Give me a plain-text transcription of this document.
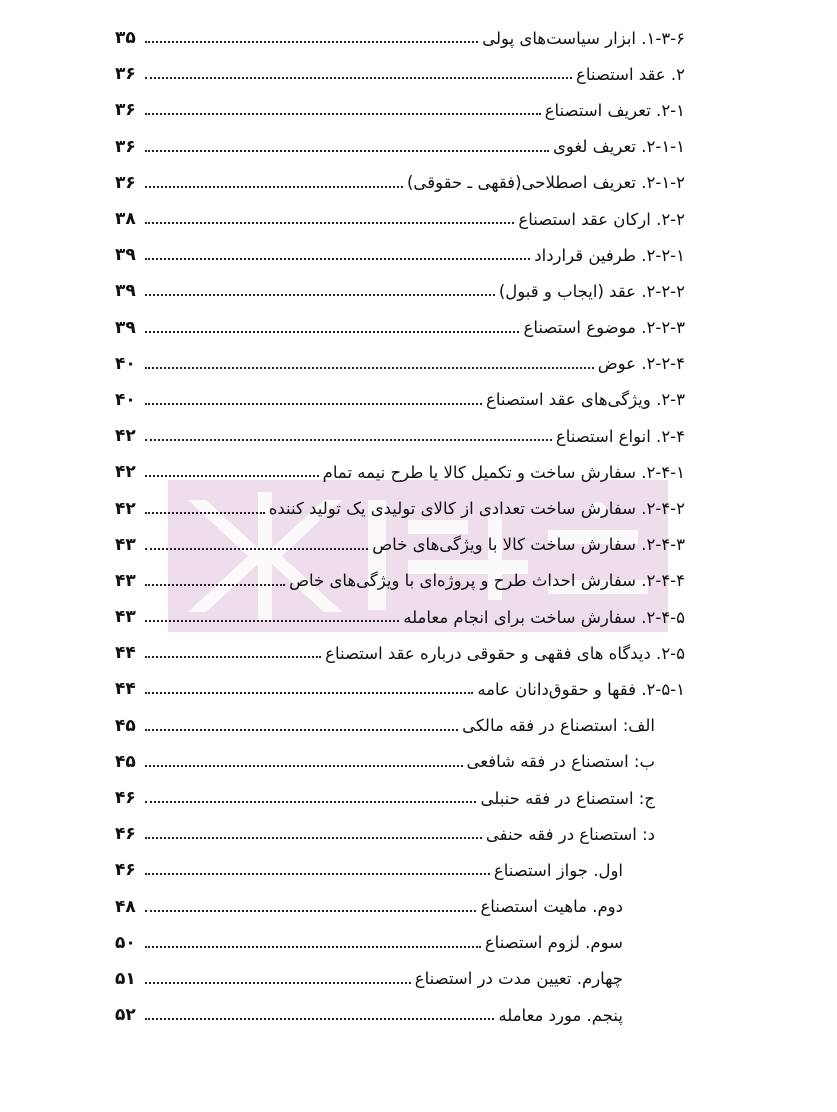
۳۵	۱-۳-۶. ابزار سیاست‌های پولی
۳۶	۲. عقد استصناع
۳۶	۲-۱. تعریف استصناع
۳۶	۲-۱-۱. تعریف لغوی
۳۶	۲-۱-۲. تعریف اصطلاحی(فقهی ـ حقوقی)
۳۸	۲-۲. ارکان عقد استصناع
۳۹	۲-۲-۱. طرفین قرارداد
۳۹	۲-۲-۲. عقد (ایجاب و قبول)
۳۹	۲-۲-۳. موضوع استصناع
۴۰	۲-۲-۴. عوض
۴۰	۲-۳. ویژگی‌های عقد استصناع
۴۲	۲-۴. انواع استصناع
۴۲	۲-۴-۱. سفارش ساخت و تکمیل کالا یا طرح نیمه تمام
۴۲	۲-۴-۲. سفارش ساخت تعدادی از کالای تولیدی یک تولید کننده
۴۳	۲-۴-۳. سفارش ساخت کالا با ویژگی‌های خاص
۴۳	۲-۴-۴. سفارش احداث طرح و پروژه‌ای با ویژگی‌های خاص
۴۳	۲-۴-۵. سفارش ساخت برای انجام معامله
۴۴	۲-۵. دیدگاه های فقهی و حقوقی درباره عقد استصناع
۴۴	۲-۵-۱. فقها و حقوق‌دانان عامه
۴۵	الف: استصناع در فقه مالکی
۴۵	ب: استصناع در فقه شافعی
۴۶	ج: استصناع در فقه حنبلی
۴۶	د: استصناع در فقه حنفی
۴۶	اول. جواز استصناع
۴۸	دوم. ماهیت استصناع
۵۰	سوم. لزوم استصناع
۵۱	چهارم. تعیین مدت در استصناع
۵۲	پنجم. مورد معامله
